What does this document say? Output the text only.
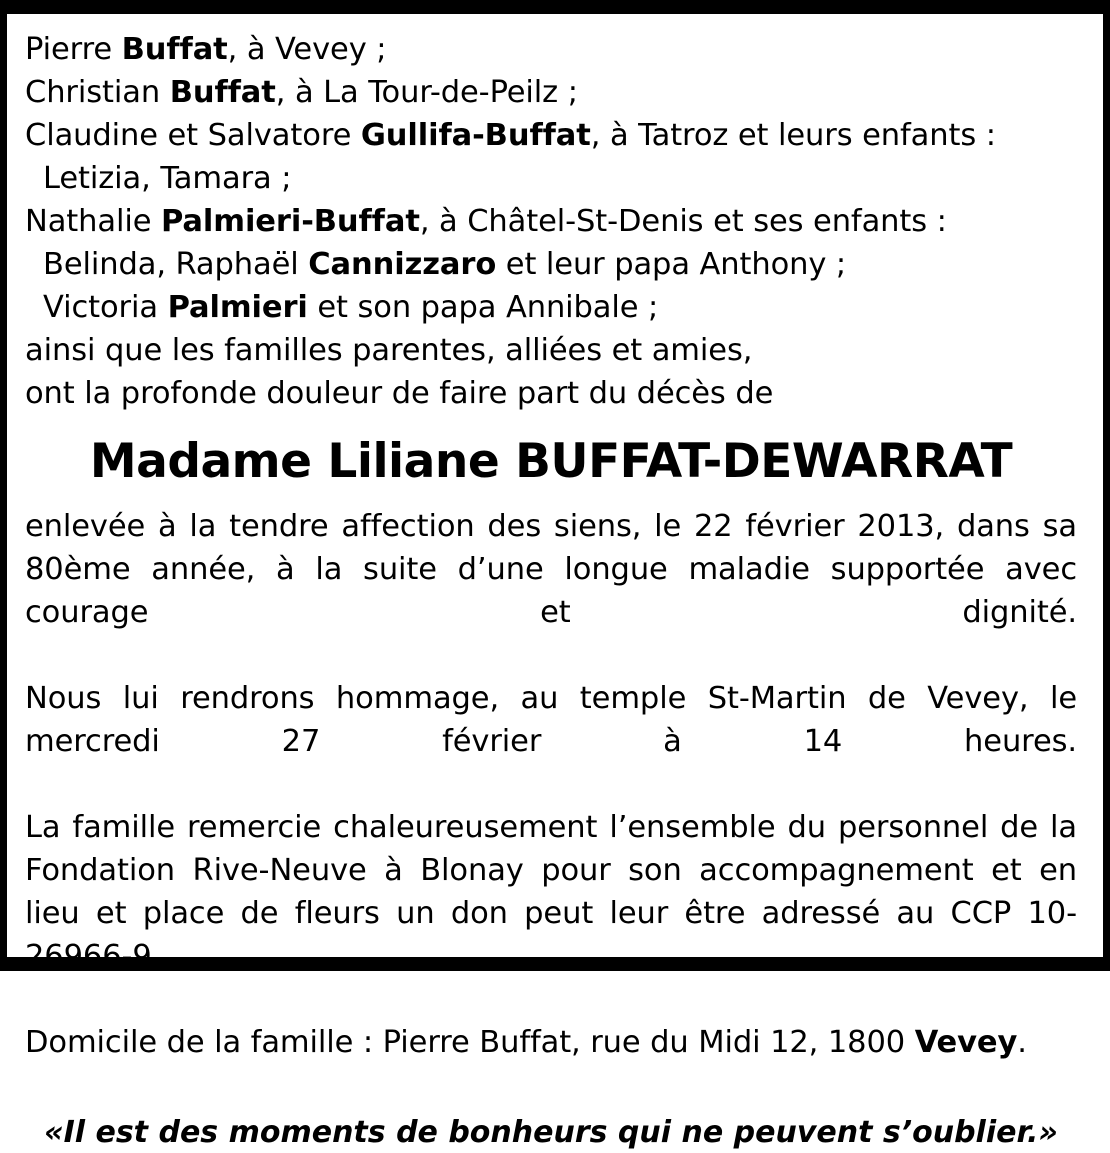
Pierre Buffat, à Vevey ;
Christian Buffat, à La Tour-de-Peilz ;
Claudine et Salvatore Gullifa-Buffat, à Tatroz et leurs enfants :
Letizia, Tamara ;
Nathalie Palmieri-Buffat, à Châtel-St-Denis et ses enfants :
Belinda, Raphaël Cannizzaro et leur papa Anthony ;
Victoria Palmieri et son papa Annibale ;
ainsi que les familles parentes, alliées et amies,
ont la profonde douleur de faire part du décès de
Madame Liliane BUFFAT-DEWARRAT
enlevée à la tendre affection des siens, le 22 février 2013, dans sa 80ème année, à la suite d’une longue maladie supportée avec courage et dignité.
Nous lui rendrons hommage, au temple St-Martin de Vevey, le mercredi 27 février à 14 heures.
La famille remercie chaleureusement l’ensemble du personnel de la Fondation Rive-Neuve à Blonay pour son accompagnement et en lieu et place de fleurs un don peut leur être adressé au CCP 10-26966-9.
Domicile de la famille : Pierre Buffat, rue du Midi 12, 1800 Vevey.
«Il est des moments de bonheurs qui ne peuvent s’oublier.»
